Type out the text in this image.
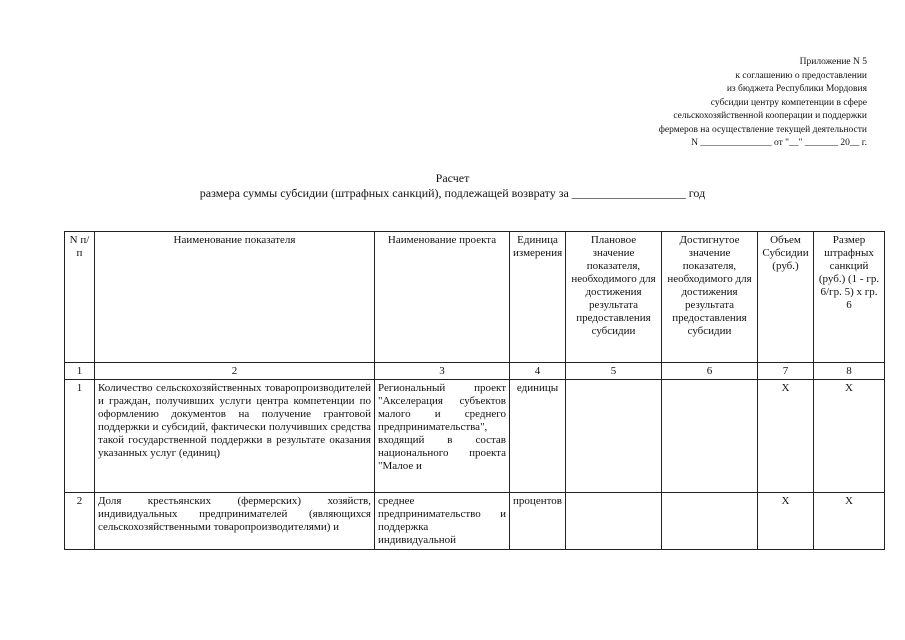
Приложение N 5
к соглашению о предоставлении
из бюджета Республики Мордовия
субсидии центру компетенции в сфере
сельскохозяйственной кооперации и поддержки
фермеров на осуществление текущей деятельности
N _______________ от "__" _______ 20__ г.
Расчет
размера суммы субсидии (штрафных санкций), подлежащей возврату за ___________________ год
N п/п	Наименование показателя	Наименование проекта	Единица измерения	Плановое значение показателя, необходимого для достижения результата предоставления субсидии	Достигнутое значение показателя, необходимого для достижения результата предоставления субсидии	Объем Субсидии (руб.)	Размер штрафных санкций (руб.) (1 - гр. 6/гр. 5) x гр. 6
1	2	3	4	5	6	7	8
1	Количество сельскохозяйственных товаропроизводителей и граждан, получивших услуги центра компетенции по оформлению документов на получение грантовой поддержки и субсидий, фактически получивших средства такой государственной поддержки в результате оказания указанных услуг (единиц)	Региональный проект "Акселерация субъектов малого и среднего предпринимательства", входящий в состав национального проекта "Малое и	единицы			X	X
2	Доля крестьянских (фермерских) хозяйств, индивидуальных предпринимателей (являющихся сельскохозяйственными товаропроизводителями) и	среднее предпринимательство и поддержка индивидуальной	процентов			X	X
